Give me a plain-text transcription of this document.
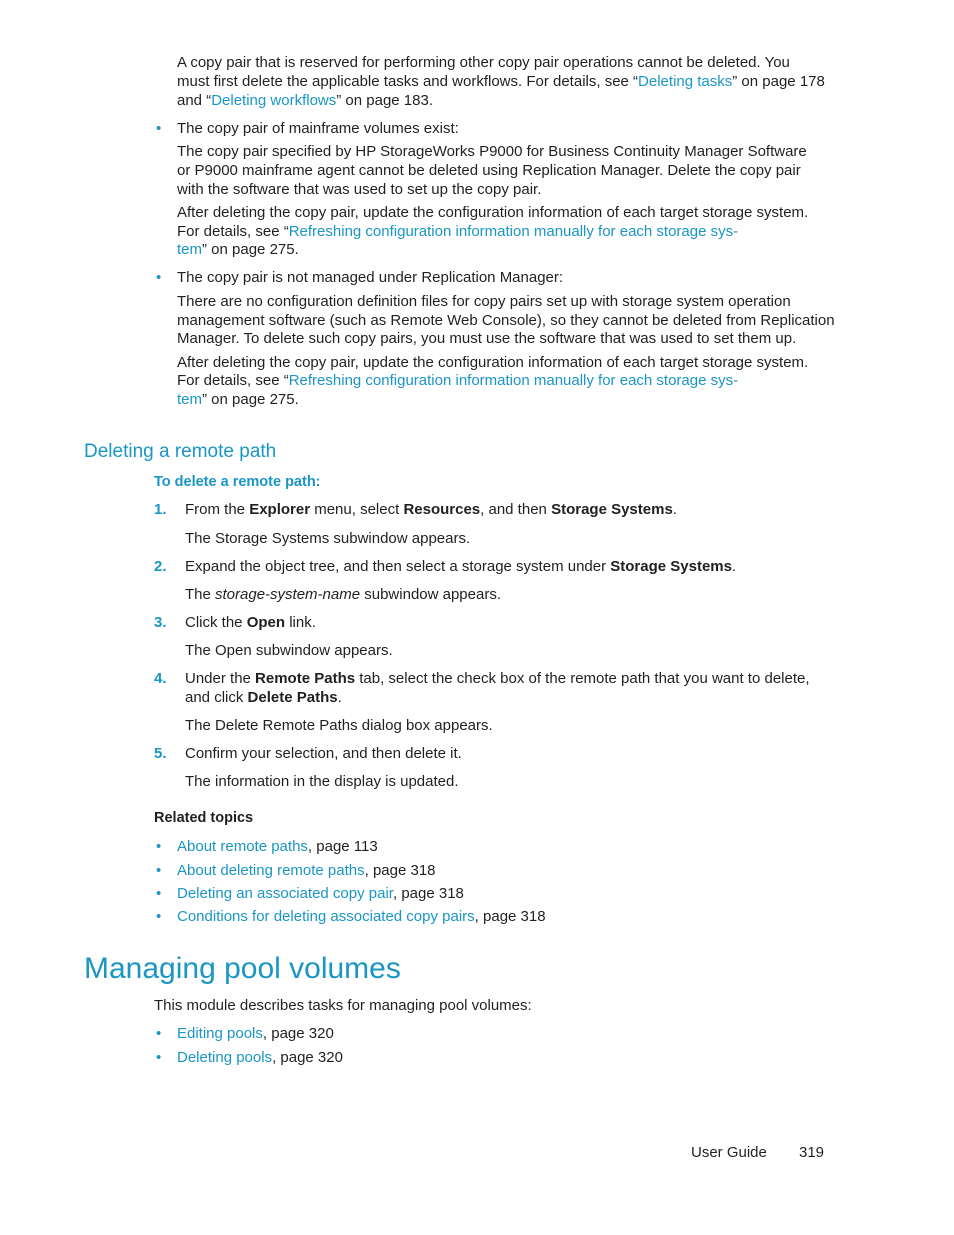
A copy pair that is reserved for performing other copy pair operations cannot be deleted. You
must first delete the applicable tasks and workflows. For details, see “Deleting tasks” on page 178
and “Deleting workflows” on page 183.
• The copy pair of mainframe volumes exist:
The copy pair specified by HP StorageWorks P9000 for Business Continuity Manager Software
or P9000 mainframe agent cannot be deleted using Replication Manager. Delete the copy pair
with the software that was used to set up the copy pair.
After deleting the copy pair, update the configuration information of each target storage system.
For details, see “Refreshing configuration information manually for each storage sys-
tem” on page 275.
• The copy pair is not managed under Replication Manager:
There are no configuration definition files for copy pairs set up with storage system operation
management software (such as Remote Web Console), so they cannot be deleted from Replication
Manager. To delete such copy pairs, you must use the software that was used to set them up.
After deleting the copy pair, update the configuration information of each target storage system.
For details, see “Refreshing configuration information manually for each storage sys-
tem” on page 275.
Deleting a remote path
To delete a remote path:
1. From the Explorer menu, select Resources, and then Storage Systems.
The Storage Systems subwindow appears.
2. Expand the object tree, and then select a storage system under Storage Systems.
The storage-system-name subwindow appears.
3. Click the Open link.
The Open subwindow appears.
4. Under the Remote Paths tab, select the check box of the remote path that you want to delete,
and click Delete Paths.
The Delete Remote Paths dialog box appears.
5. Confirm your selection, and then delete it.
The information in the display is updated.
Related topics
• About remote paths, page 113
• About deleting remote paths, page 318
• Deleting an associated copy pair, page 318
• Conditions for deleting associated copy pairs, page 318
Managing pool volumes
This module describes tasks for managing pool volumes:
• Editing pools, page 320
• Deleting pools, page 320
User Guide 319
